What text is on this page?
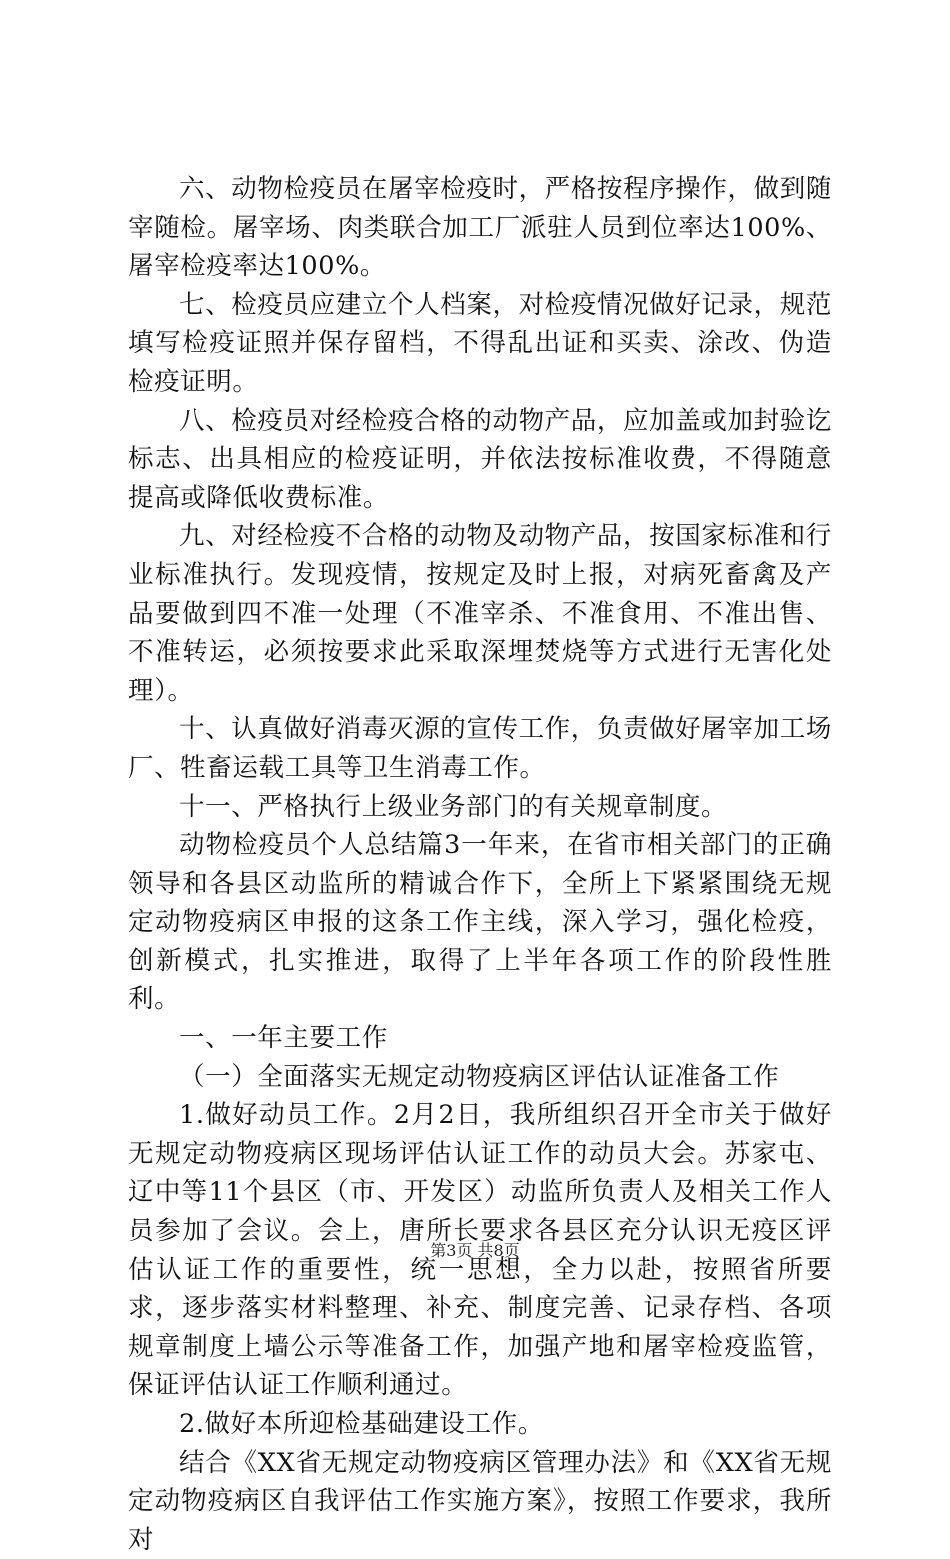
六、动物检疫员在屠宰检疫时，严格按程序操作，做到随宰随检。屠宰场、肉类联合加工厂派驻人员到位率达100%、屠宰检疫率达100%。

七、检疫员应建立个人档案，对检疫情况做好记录，规范填写检疫证照并保存留档，不得乱出证和买卖、涂改、伪造检疫证明。

八、检疫员对经检疫合格的动物产品，应加盖或加封验讫标志、出具相应的检疫证明，并依法按标准收费，不得随意提高或降低收费标准。

九、对经检疫不合格的动物及动物产品，按国家标准和行业标准执行。发现疫情，按规定及时上报，对病死畜禽及产品要做到四不准一处理（不准宰杀、不准食用、不准出售、不准转运，必须按要求此采取深埋焚烧等方式进行无害化处理）。

十、认真做好消毒灭源的宣传工作，负责做好屠宰加工场厂、牲畜运载工具等卫生消毒工作。

十一、严格执行上级业务部门的有关规章制度。

动物检疫员个人总结篇3一年来，在省市相关部门的正确领导和各县区动监所的精诚合作下，全所上下紧紧围绕无规定动物疫病区申报的这条工作主线，深入学习，强化检疫，创新模式，扎实推进，取得了上半年各项工作的阶段性胜利。

一、一年主要工作

（一）全面落实无规定动物疫病区评估认证准备工作

1.做好动员工作。2月2日，我所组织召开全市关于做好无规定动物疫病区现场评估认证工作的动员大会。苏家屯、辽中等11个县区（市、开发区）动监所负责人及相关工作人员参加了会议。会上，唐所长要求各县区充分认识无疫区评估认证工作的重要性，统一思想，全力以赴，按照省所要求，逐步落实材料整理、补充、制度完善、记录存档、各项规章制度上墙公示等准备工作，加强产地和屠宰检疫监管，保证评估认证工作顺利通过。

2.做好本所迎检基础建设工作。

结合《XX省无规定动物疫病区管理办法》和《XX省无规定动物疫病区自我评估工作实施方案》，按照工作要求，我所对

第3页 共8页
